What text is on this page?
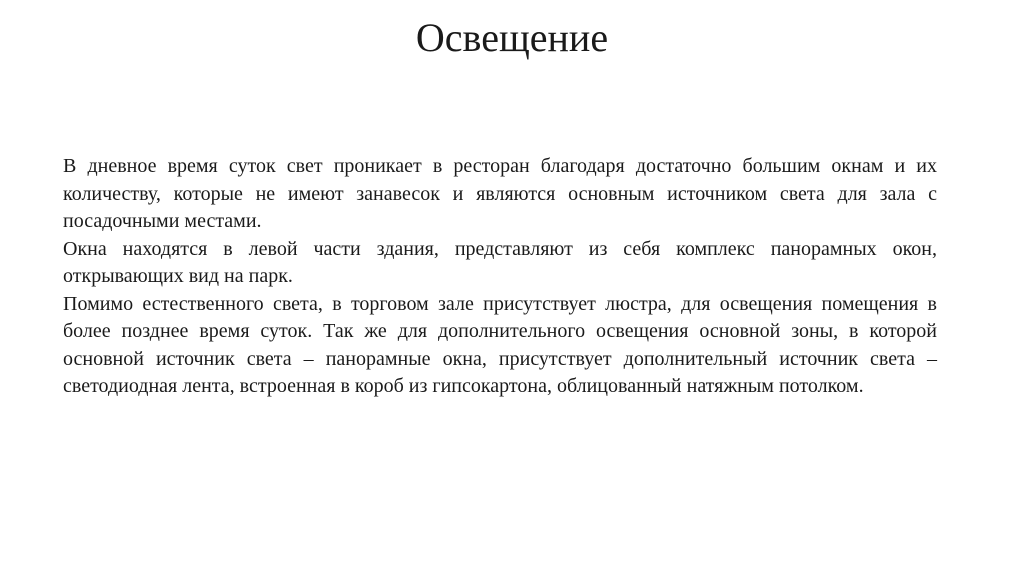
Освещение

В дневное время суток свет проникает в ресторан благодаря достаточно большим окнам и их количеству, которые не имеют занавесок и являются основным источником света для зала с посадочными местами.

Окна находятся в левой части здания, представляют из себя комплекс панорамных окон, открывающих вид на парк.

Помимо естественного света, в торговом зале присутствует люстра, для освещения помещения в более позднее время суток. Так же для дополнительного освещения основной зоны, в которой основной источник света – панорамные окна, присутствует дополнительный источник света – светодиодная лента, встроенная в короб из гипсокартона, облицованный натяжным потолком.
